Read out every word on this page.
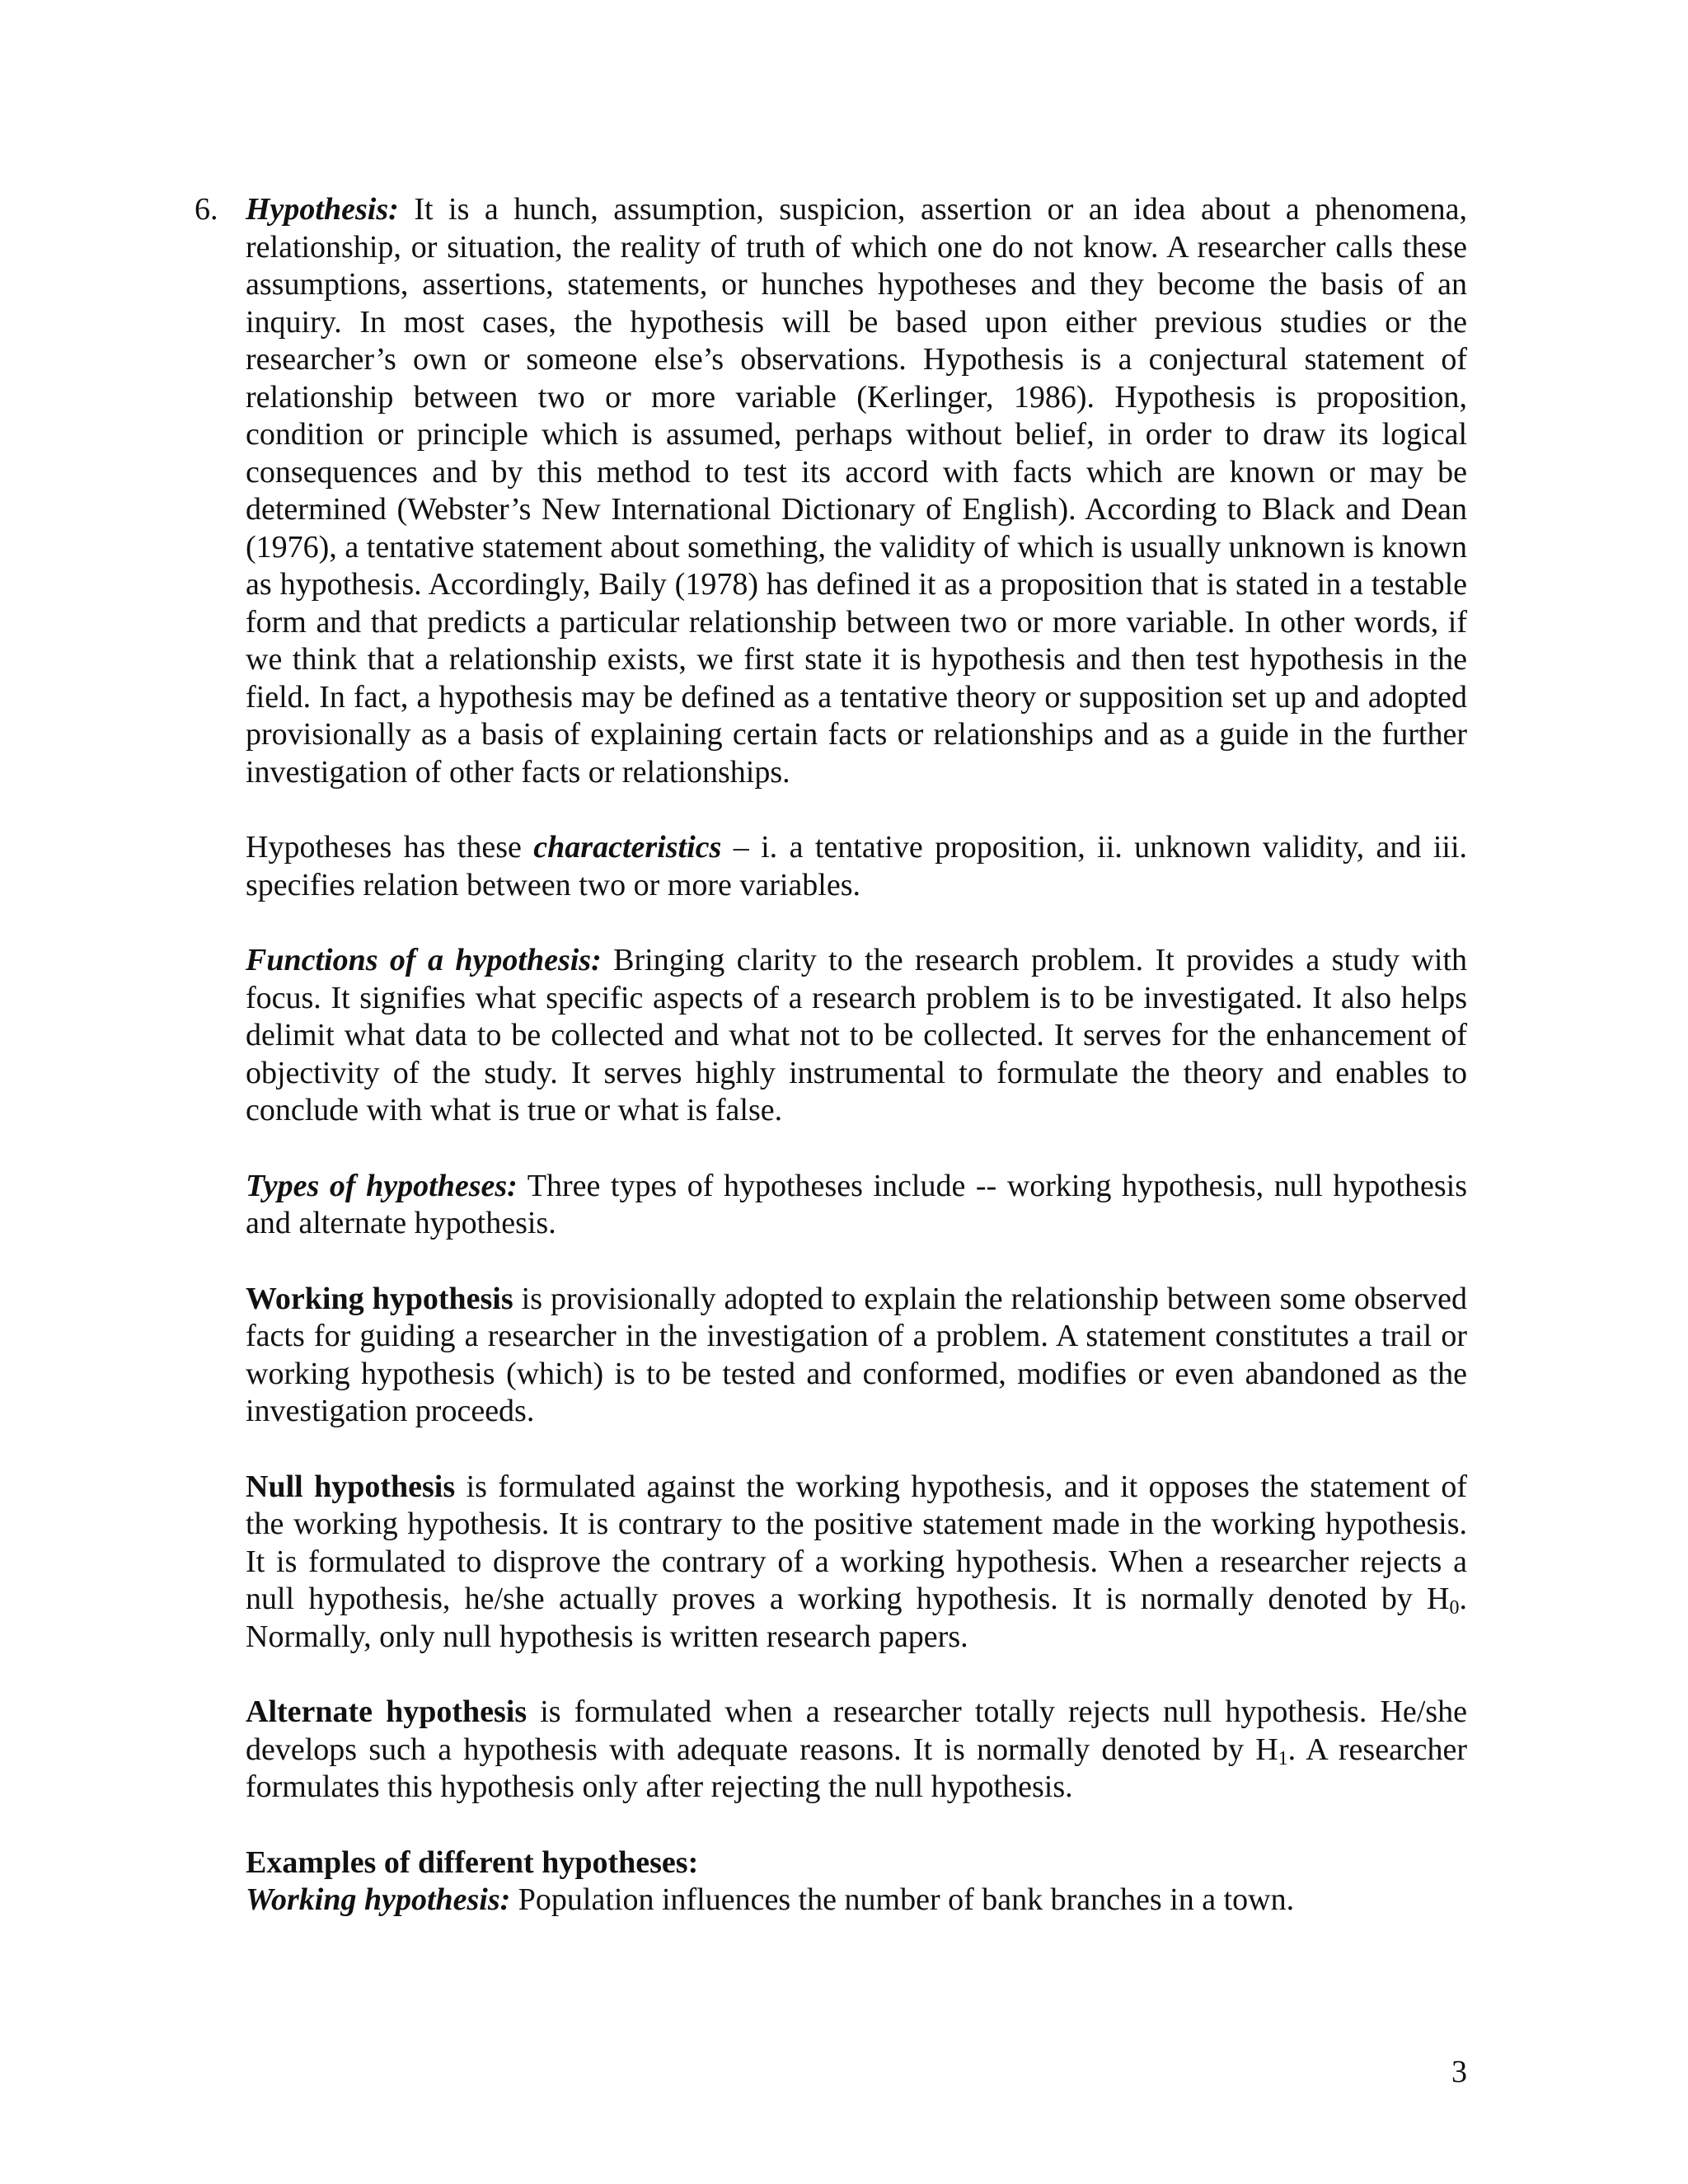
6. Hypothesis: It is a hunch, assumption, suspicion, assertion or an idea about a phenomena, relationship, or situation, the reality of truth of which one do not know. A researcher calls these assumptions, assertions, statements, or hunches hypotheses and they become the basis of an inquiry. In most cases, the hypothesis will be based upon either previous studies or the researcher’s own or someone else’s observations. Hypothesis is a conjectural statement of relationship between two or more variable (Kerlinger, 1986). Hypothesis is proposition, condition or principle which is assumed, perhaps without belief, in order to draw its logical consequences and by this method to test its accord with facts which are known or may be determined (Webster’s New International Dictionary of English). According to Black and Dean (1976), a tentative statement about something, the validity of which is usually unknown is known as hypothesis. Accordingly, Baily (1978) has defined it as a proposition that is stated in a testable form and that predicts a particular relationship between two or more variable. In other words, if we think that a relationship exists, we first state it is hypothesis and then test hypothesis in the field. In fact, a hypothesis may be defined as a tentative theory or supposition set up and adopted provisionally as a basis of explaining certain facts or relationships and as a guide in the further investigation of other facts or relationships.

Hypotheses has these characteristics – i. a tentative proposition, ii. unknown validity, and iii. specifies relation between two or more variables.

Functions of a hypothesis: Bringing clarity to the research problem. It provides a study with focus. It signifies what specific aspects of a research problem is to be investigated. It also helps delimit what data to be collected and what not to be collected. It serves for the enhancement of objectivity of the study. It serves highly instrumental to formulate the theory and enables to conclude with what is true or what is false.

Types of hypotheses: Three types of hypotheses include -- working hypothesis, null hypothesis and alternate hypothesis.

Working hypothesis is provisionally adopted to explain the relationship between some observed facts for guiding a researcher in the investigation of a problem. A statement constitutes a trail or working hypothesis (which) is to be tested and conformed, modifies or even abandoned as the investigation proceeds.

Null hypothesis is formulated against the working hypothesis, and it opposes the statement of the working hypothesis. It is contrary to the positive statement made in the working hypothesis. It is formulated to disprove the contrary of a working hypothesis. When a researcher rejects a null hypothesis, he/she actually proves a working hypothesis. It is normally denoted by $H_0$. Normally, only null hypothesis is written research papers.

Alternate hypothesis is formulated when a researcher totally rejects null hypothesis. He/she develops such a hypothesis with adequate reasons. It is normally denoted by $H_1$. A researcher formulates this hypothesis only after rejecting the null hypothesis.

Examples of different hypotheses:

Working hypothesis: Population influences the number of bank branches in a town.

3
